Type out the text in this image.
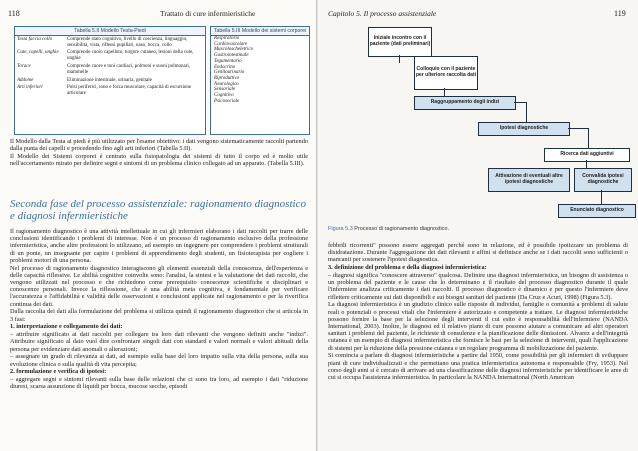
118	Trattato di cure infermieristiche
Tabella 5.II Modello Testa-Piedi
Testa faccia collo	Comprende stato cognitivo, livello di coscienza, linguaggio, sensibilità, vista, riflessi pupillari, naso, bocca, collo
Cute, capelli, unghie	Comprende cuoio capelluto, turgore cutaneo, lesioni della cute, unghie
Torace	Comprende cuore e toni cardiaci, polmoni e suoni polmonari, mammelle
Addome	Eliminazione intestinale, urinaria, genitale
Arti inferiori	Polsi periferici, tono e forza muscolare, capacità di escursione articolare
Tabella 5.III Modello dei sistemi corporei
Respiratorio
Cardiovascolare
Muscoloscheletrico
Gastrointestinale
Tegumentario
Endocrino
Genitourinario
Riproduttivo
Neurologico
Sensoriale
Cognitivo
Psicosociale

Il Modello dalla Testa ai piedi è più utilizzato per l'esame obiettivo: i dati vengono sistematicamente raccolti partendo dalla punta dei capelli e procedendo fino agli arti inferiori (Tabella 5.II).

Il Modello dei Sistemi corporei è centrato sulla fisiopatologia dei sistemi di tutto il corpo ed è molto utile nell'accertamento mirato per definire segni e sintomi di un problema clinico collegato ad un apparato. (Tabella 5.III).

Seconda fase del processo assistenziale: ragionamento diagnostico e diagnosi infermieristiche

Il ragionamento diagnostico è una attività intellettuale in cui gli infermieri elaborano i dati raccolti per trarre delle conclusioni identificando i problemi di interesse. Non è un processo di ragionamento esclusivo della professione infermieristica, anche altre professioni lo utilizzano, ad esempio un ingegnere per comprendere i problemi strutturali di un ponte, un insegnante per capire i problemi di apprendimento degli studenti, un fisioterapista per cogliere i problemi motori di una persona.

Nel processo di ragionamento diagnostico interagiscono gli elementi essenziali della conoscenza, dell'esperienza e delle capacità riflessive. Le abilità cognitive coinvolte sono: l'analisi, la sintesi e la valutazione dei dati raccolti, che vengono utilizzati nel processo e che richiedono come prerequisito conoscenze scientifiche e disciplinari e conoscenze personali. Invece la riflessione, che è una abilità meta cognitiva, è fondamentale per verificare l'accuratezza e l'affidabilità e validità delle osservazioni e conclusioni applicate nel ragionamento e per la riverifica continua dei dati.

Dalla raccolta dei dati alla formulazione del problema si utilizza quindi il ragionamento diagnostico che si articola in 3 fasi:

1. interpretazione e collegamento dei dati:

– attribuire significato ai dati raccolti per collegare tra loro dati rilevanti che vengono definiti anche "indizi". Attribuire significato al dato vuol dire confrontare singoli dati con standard e valori normali e valori abituali della persona per evidenziare dati anomali o alterazioni;

– assegnare un grado di rilevanza ai dati, ad esempio sulla base del loro impatto sulla vita della persona, sulla sua evoluzione clinica o sulla qualità di vita percepita;

2. formulazione e verifica di ipotesi:

– aggregare segni e sintomi rilevanti sulla base delle relazioni che ci sono tra loro, ad esempio i dati "riduzione diuresi, scarsa assunzione di liquidi per bocca, mucose secche, episodi

Capitolo 5. Il processo assistenziale	119
Iniziale incontro con il paziente (dati preliminari)
Colloquio con il paziente per ulteriore raccolta dati
Raggruppamento degli indizi
Ipotesi diagnostiche
Ricerca dati aggiuntivi
Attivazione di eventuali altre ipotesi diagnostiche
Convalida ipotesi diagnostiche
Enunciato diagnostico
Figura 5.3 Processo di ragionamento diagnostico.

febbrili ricorrenti" possono essere aggregati perché sono in relazione, ed è possibile ipotizzare un problema di disidratazione. Durante l'aggregazione dei dati rilevanti e affini si definisce anche se i dati raccolti sono sufficienti o mancanti per sostenere l'ipotesi diagnostica.

3. definizione del problema e della diagnosi infermieristica:

– diagnosi significa "conoscere attraverso" qualcosa. Definire una diagnosi infermieristica, un bisogno di assistenza o un problema del paziente e le cause che lo determinano e il risultato del processo diagnostico durante il quale l'infermiere analizza criticamente i dati raccolti. Il processo diagnostico è dinamico e per questo l'infermiere deve riflettere criticamente sui dati disponibili e sui bisogni sanitari del paziente (Da Cruz e Acuri, 1998) (Figura 5.3).

La diagnosi infermieristica è un giudizio clinico sulle risposte di individui, famiglie o comunità a problemi di salute reali o potenziali o processi vitali che l'infermiere è autorizzato e competente a trattare. Le diagnosi infermieristiche possono fornire la base per la selezione degli interventi il cui esito è responsabilità dell'infermiere (NANDA International, 2003). Inoltre, le diagnosi ed il relativo piano di cure possono aiutare a comunicare ad altri operatori sanitari i problemi del paziente, le richieste di consulenze e la pianificazione delle dimissioni. Alvarez a dell'integrità cutanea è un esempio di diagnosi infermieristica che fornisce le basi per la selezione di interventi, quali l'applicazione di sistemi per la riduzione della pressione cutanea e un regolare programma di mobilizzazione del paziente.

Si comincia a parlare di diagnosi infermieristiche a partire dal 1950, come possibilità per gli infermieri di sviluppare piani di cure individualizzati e che permettano una pratica infermieristica autonoma e responsabile (Fry, 1953). Nel corso degli anni si è cercato di arrivare ad una classificazione delle diagnosi infermieristiche per identificare le aree di cui si occupa l'assistenza infermieristica. In particolare la NANDA International (North American
